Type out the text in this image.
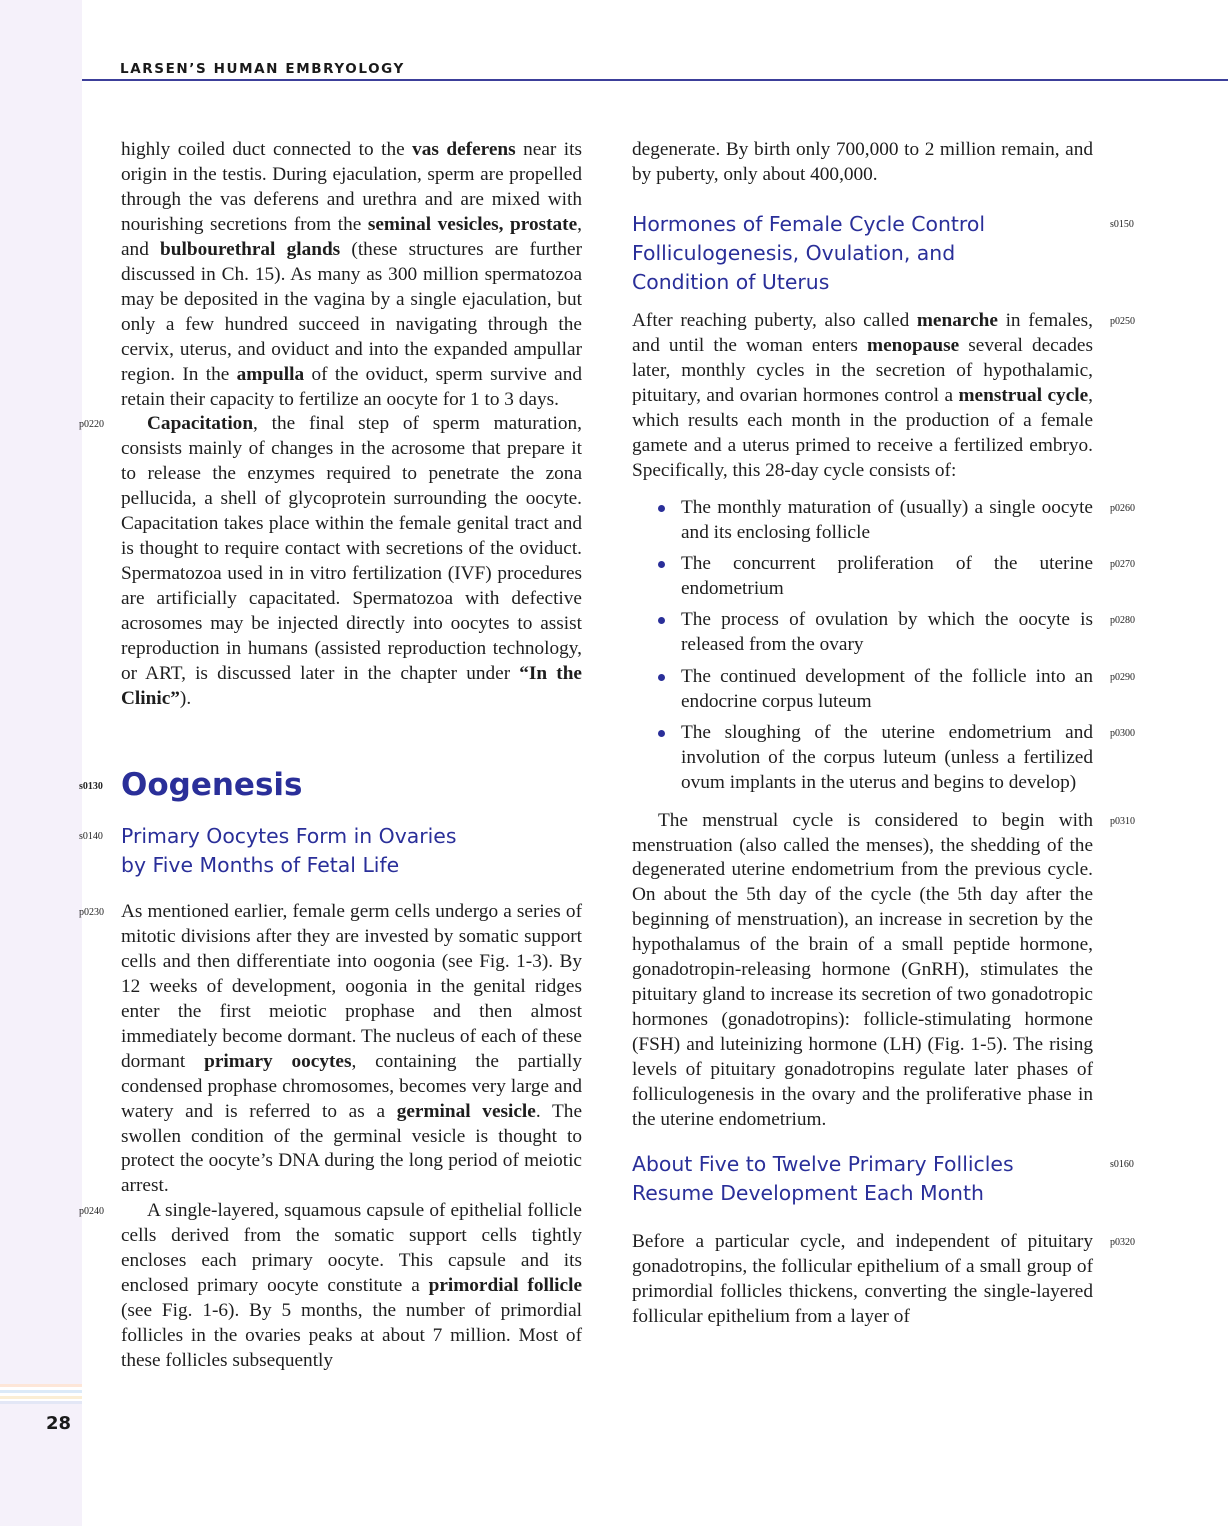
LARSEN’S HUMAN EMBRYOLOGY
28

highly coiled duct connected to the vas deferens near its origin in the testis. During ejaculation, sperm are propelled through the vas deferens and urethra and are mixed with nourishing secretions from the seminal vesicles, prostate, and bulbourethral glands (these structures are further discussed in Ch. 15). As many as 300 million spermatozoa may be deposited in the vagina by a single ejaculation, but only a few hundred succeed in navigating through the cervix, uterus, and oviduct and into the expanded ampullar region. In the ampulla of the oviduct, sperm survive and retain their capacity to fertilize an oocyte for 1 to 3 days.

p0220 Capacitation, the final step of sperm maturation, consists mainly of changes in the acrosome that prepare it to release the enzymes required to penetrate the zona pellucida, a shell of glycoprotein surrounding the oocyte. Capacitation takes place within the female genital tract and is thought to require contact with secretions of the oviduct. Spermatozoa used in in vitro fertilization (IVF) procedures are artificially capacitated. Spermatozoa with defective acrosomes may be injected directly into oocytes to assist reproduction in humans (assisted reproduction technology, or ART, is discussed later in the chapter under “In the Clinic”).

s0130 Oogenesis
s0140 Primary Oocytes Form in Ovaries
by Five Months of Fetal Life

p0230 As mentioned earlier, female germ cells undergo a series of mitotic divisions after they are invested by somatic support cells and then differentiate into oogonia (see Fig. 1-3). By 12 weeks of development, oogonia in the genital ridges enter the first meiotic prophase and then almost immediately become dormant. The nucleus of each of these dormant primary oocytes, containing the partially condensed prophase chromosomes, becomes very large and watery and is referred to as a germinal vesicle. The swollen condition of the germinal vesicle is thought to protect the oocyte’s DNA during the long period of meiotic arrest.

p0240 A single-layered, squamous capsule of epithelial follicle cells derived from the somatic support cells tightly encloses each primary oocyte. This capsule and its enclosed primary oocyte constitute a primordial follicle (see Fig. 1-6). By 5 months, the number of primordial follicles in the ovaries peaks at about 7 million. Most of these follicles subsequently

degenerate. By birth only 700,000 to 2 million remain, and by puberty, only about 400,000.

s0150
Hormones of Female Cycle Control
Folliculogenesis, Ovulation, and
Condition of Uterus

p0250
After reaching puberty, also called menarche in females, and until the woman enters menopause several decades later, monthly cycles in the secretion of hypothalamic, pituitary, and ovarian hormones control a menstrual cycle, which results each month in the production of a female gamete and a uterus primed to receive a fertilized embryo. Specifically, this 28-day cycle consists of:

p0260
The monthly maturation of (usually) a single oocyte and its enclosing follicle
p0270
The concurrent proliferation of the uterine endometrium
p0280
The process of ovulation by which the oocyte is released from the ovary
p0290
The continued development of the follicle into an endocrine corpus luteum
p0300
The sloughing of the uterine endometrium and involution of the corpus luteum (unless a fertilized ovum implants in the uterus and begins to develop)

p0310
The menstrual cycle is considered to begin with menstruation (also called the menses), the shedding of the degenerated uterine endometrium from the previous cycle. On about the 5th day of the cycle (the 5th day after the beginning of menstruation), an increase in secretion by the hypothalamus of the brain of a small peptide hormone, gonadotropin-releasing hormone (GnRH), stimulates the pituitary gland to increase its secretion of two gonadotropic hormones (gonadotropins): follicle-stimulating hormone (FSH) and luteinizing hormone (LH) (Fig. 1-5). The rising levels of pituitary gonadotropins regulate later phases of folliculogenesis in the ovary and the proliferative phase in the uterine endometrium.

s0160
About Five to Twelve Primary Follicles
Resume Development Each Month

p0320
Before a particular cycle, and independent of pituitary gonadotropins, the follicular epithelium of a small group of primordial follicles thickens, converting the single-layered follicular epithelium from a layer of
